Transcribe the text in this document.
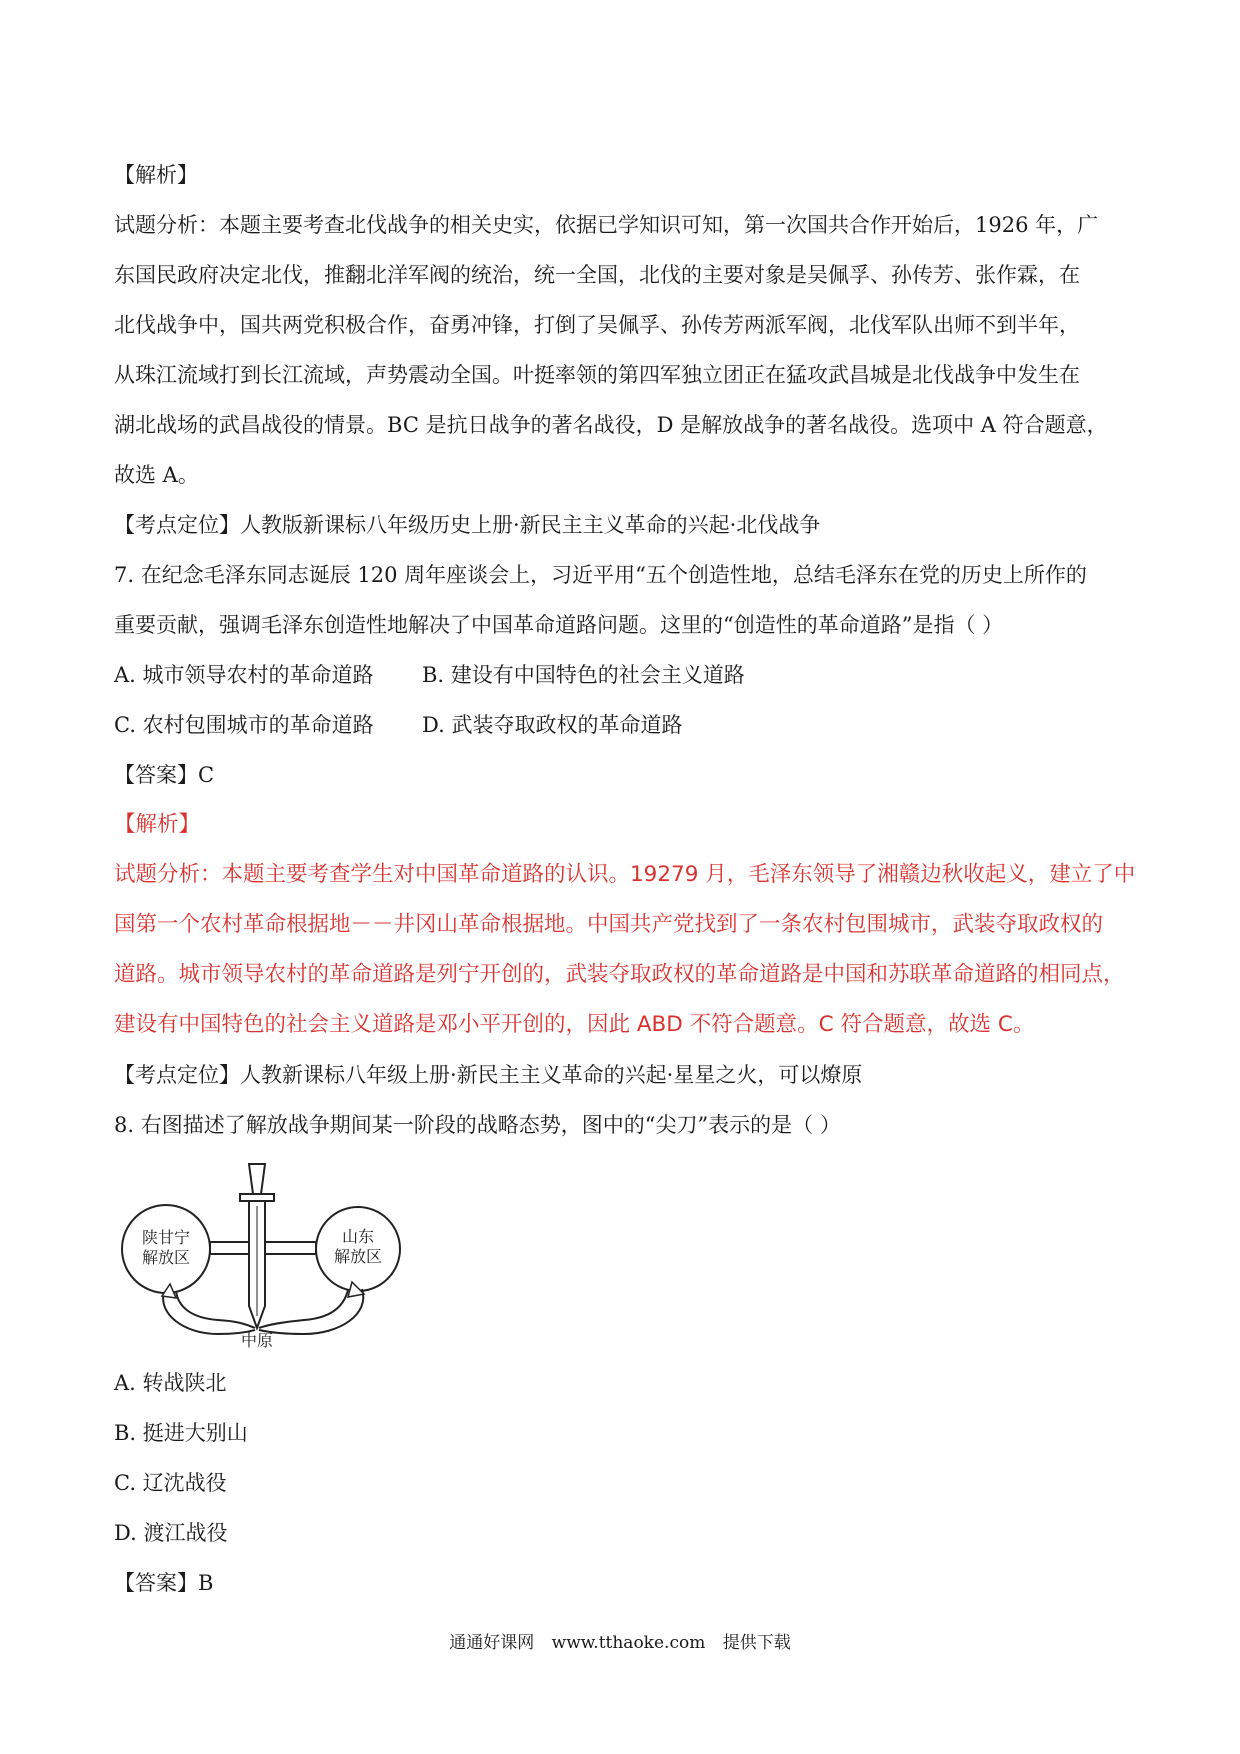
【解析】
试题分析：本题主要考查北伐战争的相关史实，依据已学知识可知，第一次国共合作开始后，1926 年，广
东国民政府决定北伐，推翻北洋军阀的统治，统一全国，北伐的主要对象是吴佩孚、孙传芳、张作霖，在
北伐战争中，国共两党积极合作，奋勇冲锋，打倒了吴佩孚、孙传芳两派军阀，北伐军队出师不到半年，
从珠江流域打到长江流域，声势震动全国。叶挺率领的第四军独立团正在猛攻武昌城是北伐战争中发生在
湖北战场的武昌战役的情景。BC 是抗日战争的著名战役，D 是解放战争的著名战役。选项中 A 符合题意，
故选 A。
【考点定位】人教版新课标八年级历史上册·新民主主义革命的兴起·北伐战争
7. 在纪念毛泽东同志诞辰 120 周年座谈会上，习近平用“五个创造性地，总结毛泽东在党的历史上所作的
重要贡献，强调毛泽东创造性地解决了中国革命道路问题。这里的“创造性的革命道路”是指（ ）
A. 城市领导农村的革命道路 B. 建设有中国特色的社会主义道路
C. 农村包围城市的革命道路 D. 武装夺取政权的革命道路
【答案】C
【解析】
试题分析：本题主要考查学生对中国革命道路的认识。19279 月，毛泽东领导了湘赣边秋收起义，建立了中
国第一个农村革命根据地－－井冈山革命根据地。中国共产党找到了一条农村包围城市，武装夺取政权的
道路。城市领导农村的革命道路是列宁开创的，武装夺取政权的革命道路是中国和苏联革命道路的相同点，
建设有中国特色的社会主义道路是邓小平开创的，因此 ABD 不符合题意。C 符合题意，故选 C。
【考点定位】人教新课标八年级上册·新民主主义革命的兴起·星星之火，可以燎原
8. 右图描述了解放战争期间某一阶段的战略态势，图中的“尖刀”表示的是（ ）
陕甘宁
解放区
山东
解放区
中原
A. 转战陕北
B. 挺进大别山
C. 辽沈战役
D. 渡江战役
【答案】B
通通好课网 www.tthaoke.com 提供下载
